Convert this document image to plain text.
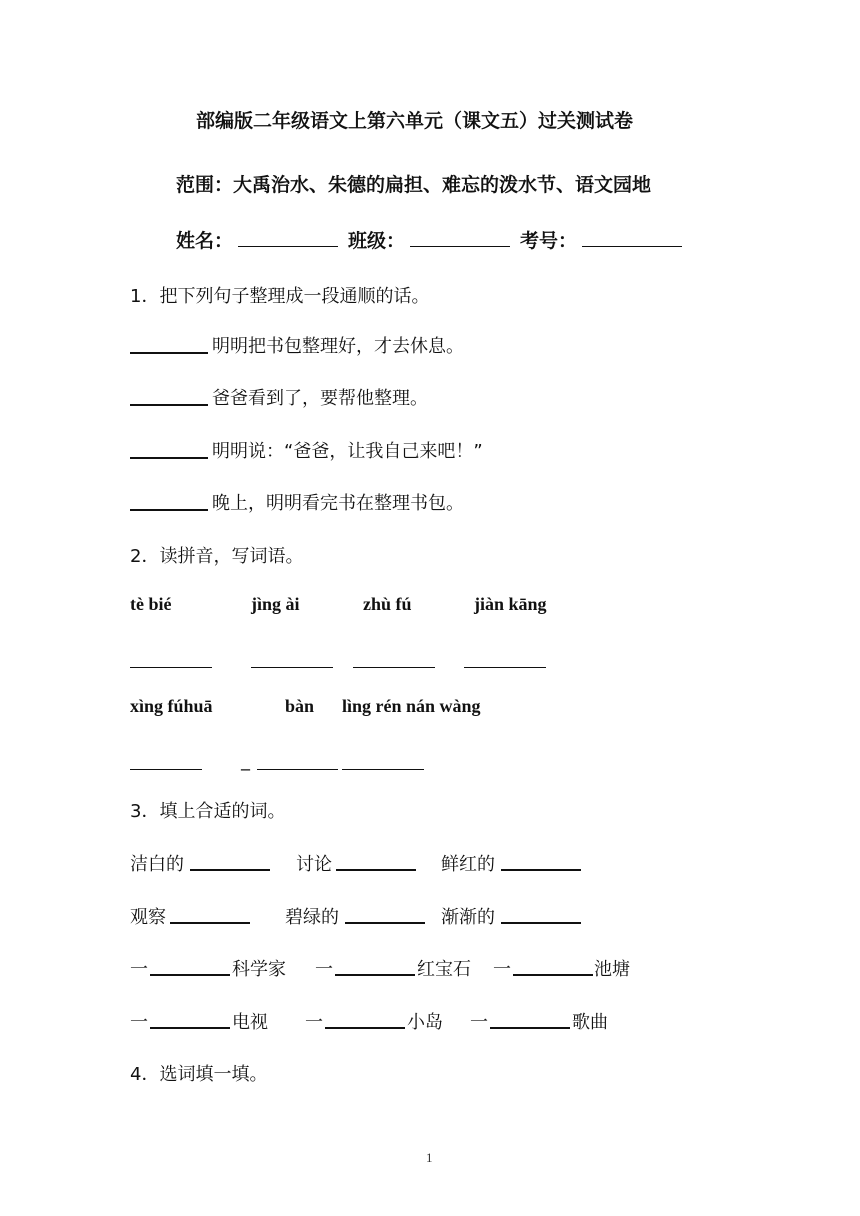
部编版二年级语文上第六单元（课文五）过关测试卷
范围：大禹治水、朱德的扁担、难忘的泼水节、语文园地
姓名：	班级：	考号：
1．把下列句子整理成一段通顺的话。
明明把书包整理好，才去休息。
爸爸看到了，要帮他整理。
明明说：“爸爸，让我自己来吧！”
晚上，明明看完书在整理书包。
2．读拼音，写词语。
tè bié	jìng ài	zhù fú	jiàn kāng
xìng fúhuā	bàn lìng rén nán wàng
_
3．填上合适的词。
洁白的	讨论	鲜红的
观察	碧绿的	渐渐的
一	科学家 一	红宝石 一	池塘
一	电视 一	小岛 一	歌曲
4．选词填一填。
1
